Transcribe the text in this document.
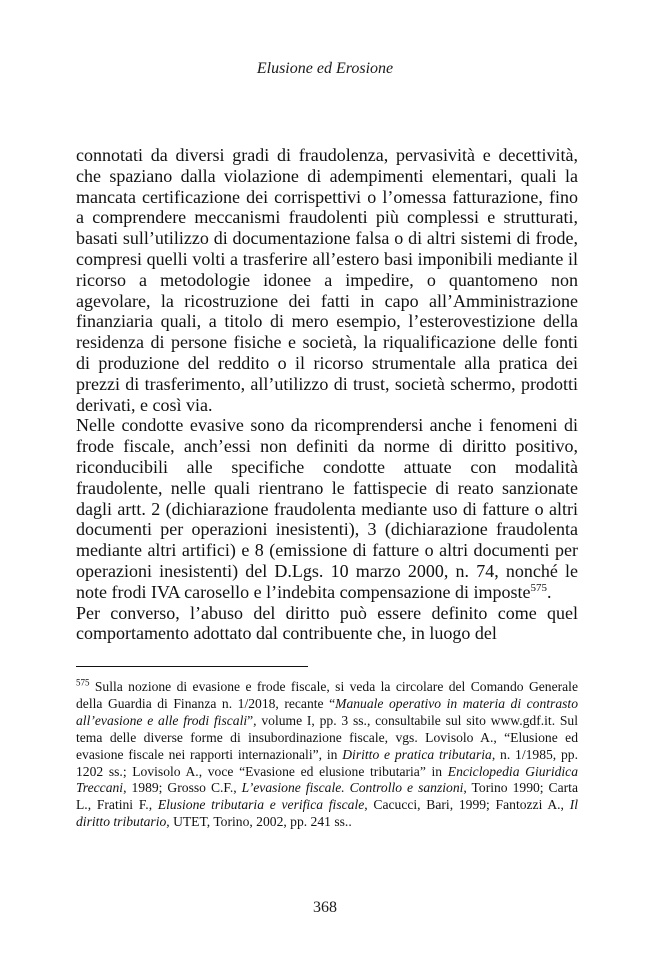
Elusione ed Erosione

connotati da diversi gradi di fraudolenza, pervasività e decettività, che spaziano dalla violazione di adempimenti elementari, quali la mancata certificazione dei corrispettivi o l’omessa fatturazione, fino a comprendere meccanismi fraudolenti più complessi e strutturati, basati sull’utilizzo di documentazione falsa o di altri sistemi di frode, compresi quelli volti a trasferire all’estero basi imponibili mediante il ricorso a metodologie idonee a impedire, o quantomeno non agevolare, la ricostruzione dei fatti in capo all’Amministrazione finanziaria quali, a titolo di mero esempio, l’esterovestizione della residenza di persone fisiche e società, la riqualificazione delle fonti di produzione del reddito o il ricorso strumentale alla pratica dei prezzi di trasferimento, all’utilizzo di trust, società schermo, prodotti derivati, e così via.

Nelle condotte evasive sono da ricomprendersi anche i fenomeni di frode fiscale, anch’essi non definiti da norme di diritto positivo, riconducibili alle specifiche condotte attuate con modalità fraudolente, nelle quali rientrano le fattispecie di reato sanzionate dagli artt. 2 (dichiarazione fraudolenta mediante uso di fatture o altri documenti per operazioni inesistenti), 3 (dichiarazione fraudolenta mediante altri artifici) e 8 (emissione di fatture o altri documenti per operazioni inesistenti) del D.Lgs. 10 marzo 2000, n. 74, nonché le note frodi IVA carosello e l’indebita compensazione di imposte$^{575}$.

Per converso, l’abuso del diritto può essere definito come quel comportamento adottato dal contribuente che, in luogo del

$^{575}$ Sulla nozione di evasione e frode fiscale, si veda la circolare del Comando Generale della Guardia di Finanza n. 1/2018, recante “Manuale operativo in materia di contrasto all’evasione e alle frodi fiscali”, volume I, pp. 3 ss., consultabile sul sito www.gdf.it. Sul tema delle diverse forme di insubordinazione fiscale, vgs. Lovisolo A., “Elusione ed evasione fiscale nei rapporti internazionali”, in Diritto e pratica tributaria, n. 1/1985, pp. 1202 ss.; Lovisolo A., voce “Evasione ed elusione tributaria” in Enciclopedia Giuridica Treccani, 1989; Grosso C.F., L’evasione fiscale. Controllo e sanzioni, Torino 1990; Carta L., Fratini F., Elusione tributaria e verifica fiscale, Cacucci, Bari, 1999; Fantozzi A., Il diritto tributario, UTET, Torino, 2002, pp. 241 ss..
368
